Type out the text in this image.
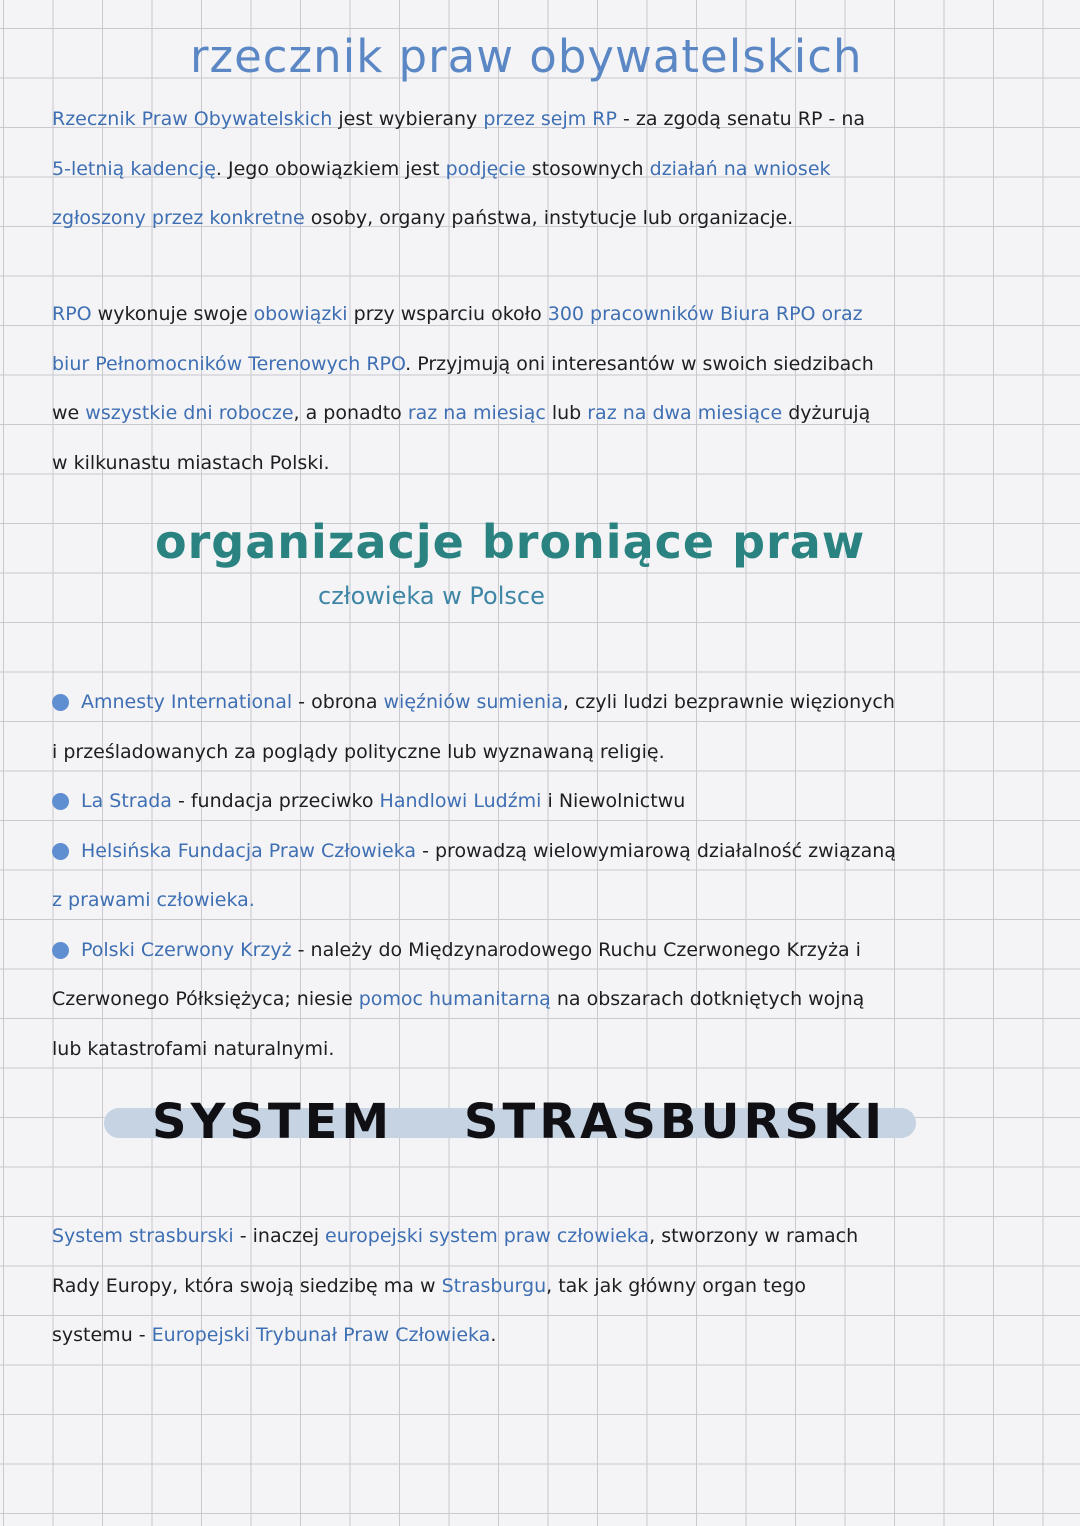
rzecznik praw obywatelskich
Rzecznik Praw Obywatelskich jest wybierany przez sejm RP - za zgodą senatu RP - na
5-letnią kadencję. Jego obowiązkiem jest podjęcie stosownych działań na wniosek
zgłoszony przez konkretne osoby, organy państwa, instytucje lub organizacje.
RPO wykonuje swoje obowiązki przy wsparciu około 300 pracowników Biura RPO oraz
biur Pełnomocników Terenowych RPO. Przyjmują oni interesantów w swoich siedzibach
we wszystkie dni robocze, a ponadto raz na miesiąc lub raz na dwa miesiące dyżurują
w kilkunastu miastach Polski.
organizacje broniące praw
człowieka w Polsce
Amnesty International - obrona więźniów sumienia, czyli ludzi bezprawnie więzionych
i prześladowanych za poglądy polityczne lub wyznawaną religię.
La Strada - fundacja przeciwko Handlowi Ludźmi i Niewolnictwu
Helsińska Fundacja Praw Człowieka - prowadzą wielowymiarową działalność związaną
z prawami człowieka.
Polski Czerwony Krzyż - należy do Międzynarodowego Ruchu Czerwonego Krzyża i
Czerwonego Półksiężyca; niesie pomoc humanitarną na obszarach dotkniętych wojną
lub katastrofami naturalnymi.
SYSTEM STRASBURSKI
System strasburski - inaczej europejski system praw człowieka, stworzony w ramach
Rady Europy, która swoją siedzibę ma w Strasburgu, tak jak główny organ tego
systemu - Europejski Trybunał Praw Człowieka.
